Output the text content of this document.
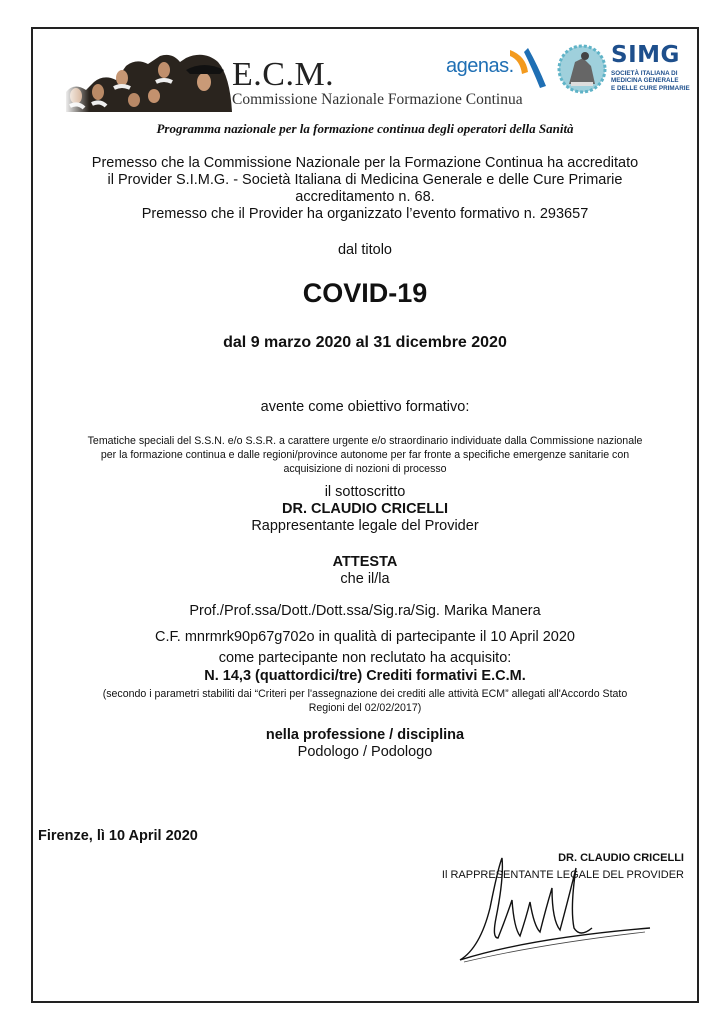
E.C.M.
Commissione Nazionale Formazione Continua
agenas.	SIMG
SOCIETÀ ITALIANA DI
MEDICINA GENERALE
E DELLE CURE PRIMARIE
Programma nazionale per la formazione continua degli operatori della Sanità
Premesso che la Commissione Nazionale per la Formazione Continua ha accreditato
il Provider S.I.M.G. - Società Italiana di Medicina Generale e delle Cure Primarie
accreditamento n. 68.
Premesso che il Provider ha organizzato l’evento formativo n. 293657
dal titolo
COVID-19
dal 9 marzo 2020 al 31 dicembre 2020
avente come obiettivo formativo:
Tematiche speciali del S.S.N. e/o S.S.R. a carattere urgente e/o straordinario individuate dalla Commissione nazionale
per la formazione continua e dalle regioni/province autonome per far fronte a specifiche emergenze sanitarie con
acquisizione di nozioni di processo
il sottoscritto
DR. CLAUDIO CRICELLI
Rappresentante legale del Provider
ATTESTA
che il/la
Prof./Prof.ssa/Dott./Dott.ssa/Sig.ra/Sig. Marika Manera
C.F. mnrmrk90p67g702o in qualità di partecipante il 10 April 2020
come partecipante non reclutato ha acquisito:
N. 14,3 (quattordici/tre) Crediti formativi E.C.M.
(secondo i parametri stabiliti dai “Criteri per l'assegnazione dei crediti alle attività ECM” allegati all'Accordo Stato
Regioni del 02/02/2017)
nella professione / disciplina
Podologo / Podologo
Firenze, lì 10 April 2020
DR. CLAUDIO CRICELLI
Il RAPPRESENTANTE LEGALE DEL PROVIDER
